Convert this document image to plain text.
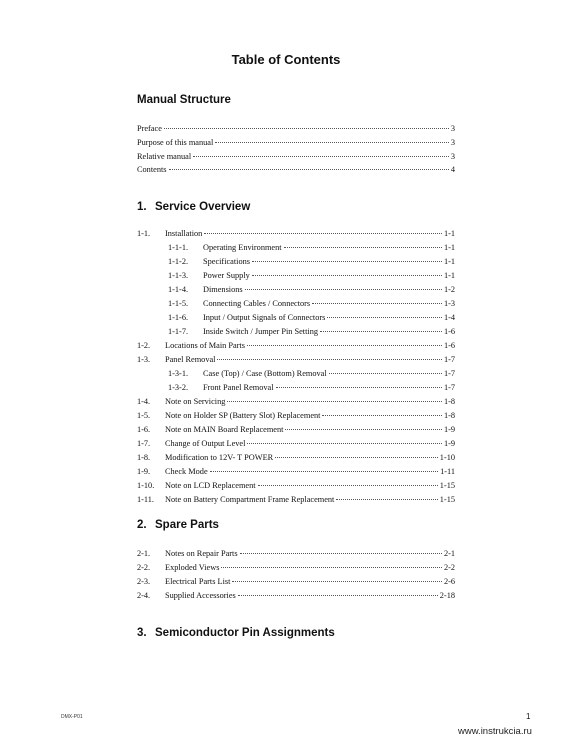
Table of Contents
Manual Structure
Preface	3
Purpose of this manual	3
Relative manual	3
Contents	4
1. Service Overview
1-1.	Installation	1-1
1-1-1.	Operating Environment	1-1
1-1-2.	Specifications	1-1
1-1-3.	Power Supply	1-1
1-1-4.	Dimensions	1-2
1-1-5.	Connecting Cables / Connectors	1-3
1-1-6.	Input / Output Signals of Connectors	1-4
1-1-7.	Inside Switch / Jumper Pin Setting	1-6
1-2.	Locations of Main Parts	1-6
1-3.	Panel Removal	1-7
1-3-1.	Case (Top) / Case (Bottom) Removal	1-7
1-3-2.	Front Panel Removal	1-7
1-4.	Note on Servicing	1-8
1-5.	Note on Holder SP (Battery Slot) Replacement	1-8
1-6.	Note on MAIN Board Replacement	1-9
1-7.	Change of Output Level	1-9
1-8.	Modification to 12V- T POWER	1-10
1-9.	Check Mode	1-11
1-10.	Note on LCD Replacement	1-15
1-11.	Note on Battery Compartment Frame Replacement	1-15
2. Spare Parts
2-1.	Notes on Repair Parts	2-1
2-2.	Exploded Views	2-2
2-3.	Electrical Parts List	2-6
2-4.	Supplied Accessories	2-18
3. Semiconductor Pin Assignments
DMX-P01	1
www.instrukcia.ru
